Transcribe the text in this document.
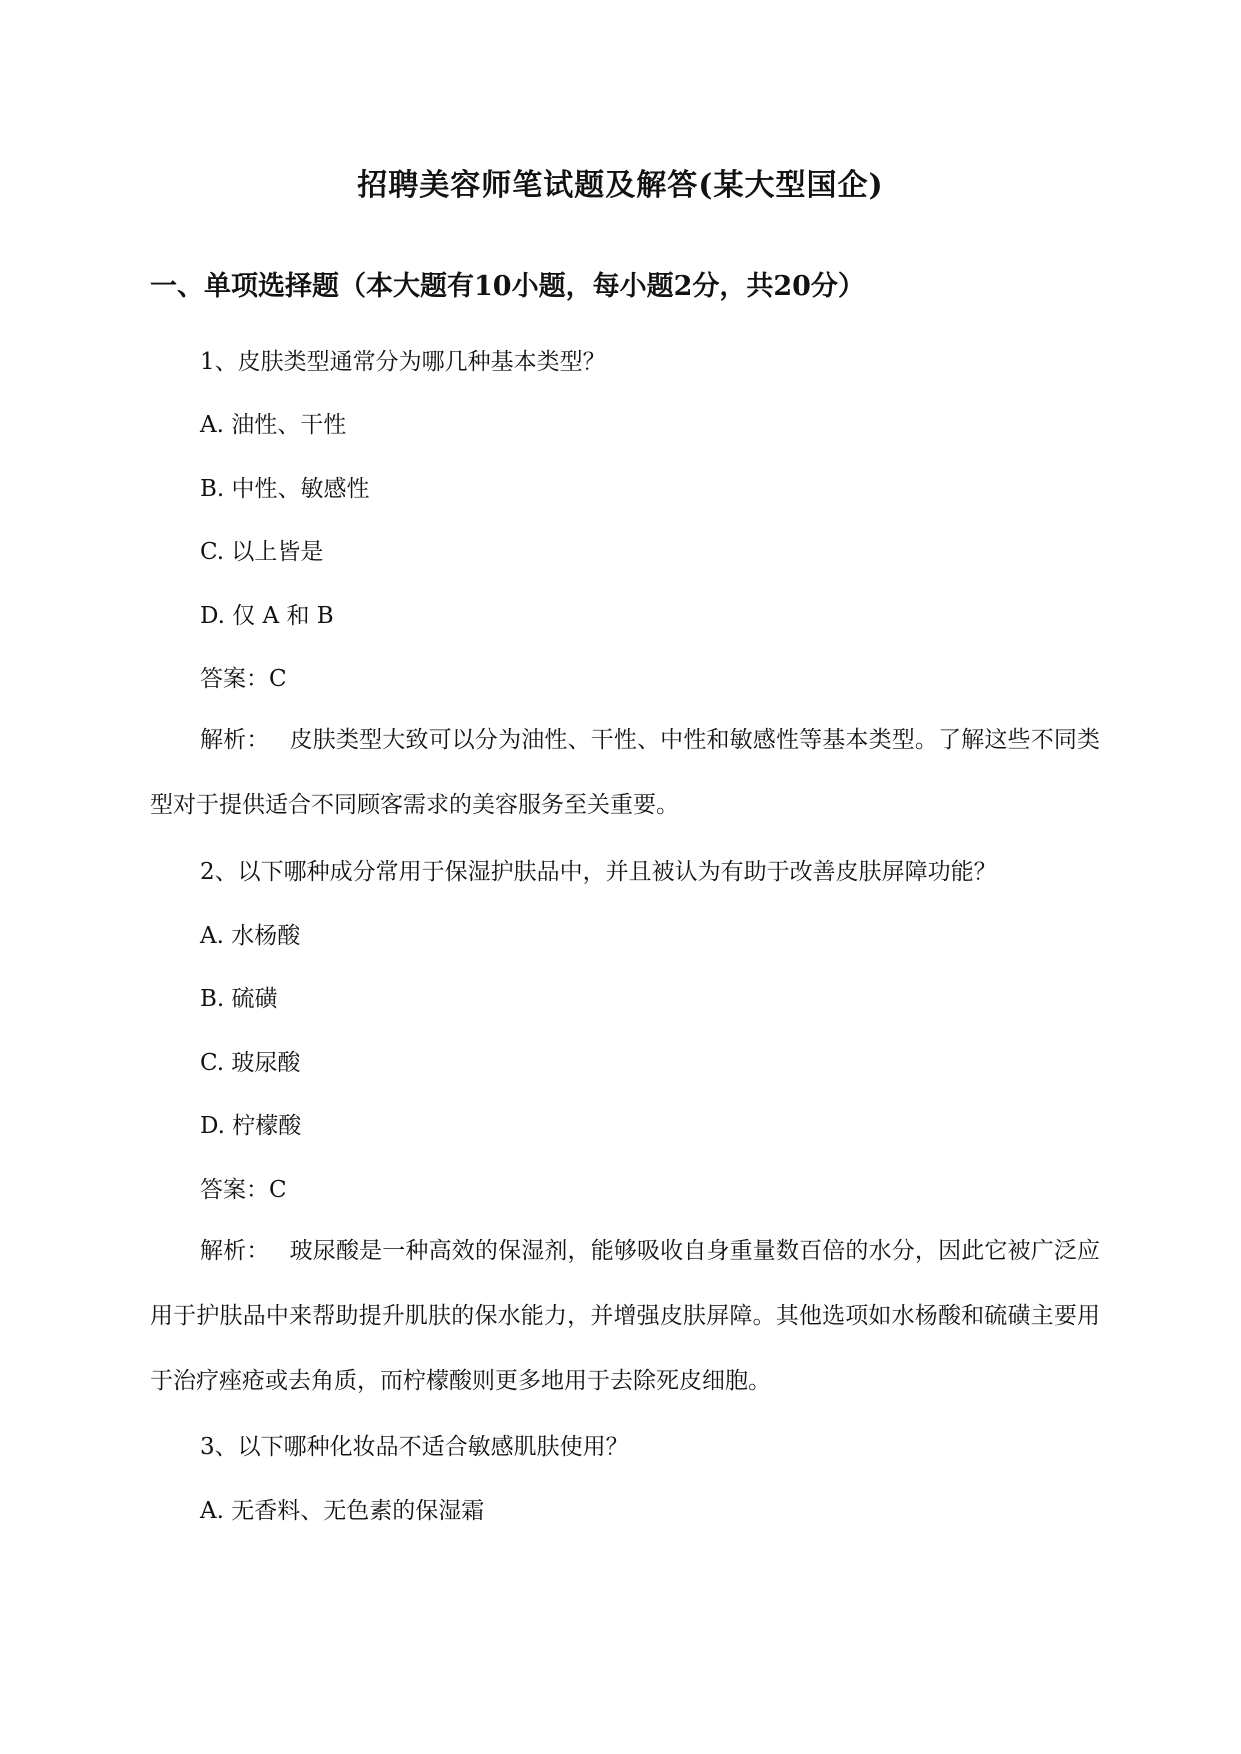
招聘美容师笔试题及解答(某大型国企)
一、单项选择题（本大题有10小题，每小题2分，共20分）

1、皮肤类型通常分为哪几种基本类型？

A. 油性、干性

B. 中性、敏感性

C. 以上皆是

D. 仅 A 和 B

答案：C

解析： 皮肤类型大致可以分为油性、干性、中性和敏感性等基本类型。了解这些不同类型对于提供适合不同顾客需求的美容服务至关重要。

2、以下哪种成分常用于保湿护肤品中，并且被认为有助于改善皮肤屏障功能？

A. 水杨酸

B. 硫磺

C. 玻尿酸

D. 柠檬酸

答案：C

解析： 玻尿酸是一种高效的保湿剂，能够吸收自身重量数百倍的水分，因此它被广泛应用于护肤品中来帮助提升肌肤的保水能力，并增强皮肤屏障。其他选项如水杨酸和硫磺主要用于治疗痤疮或去角质，而柠檬酸则更多地用于去除死皮细胞。

3、以下哪种化妆品不适合敏感肌肤使用？

A. 无香料、无色素的保湿霜
